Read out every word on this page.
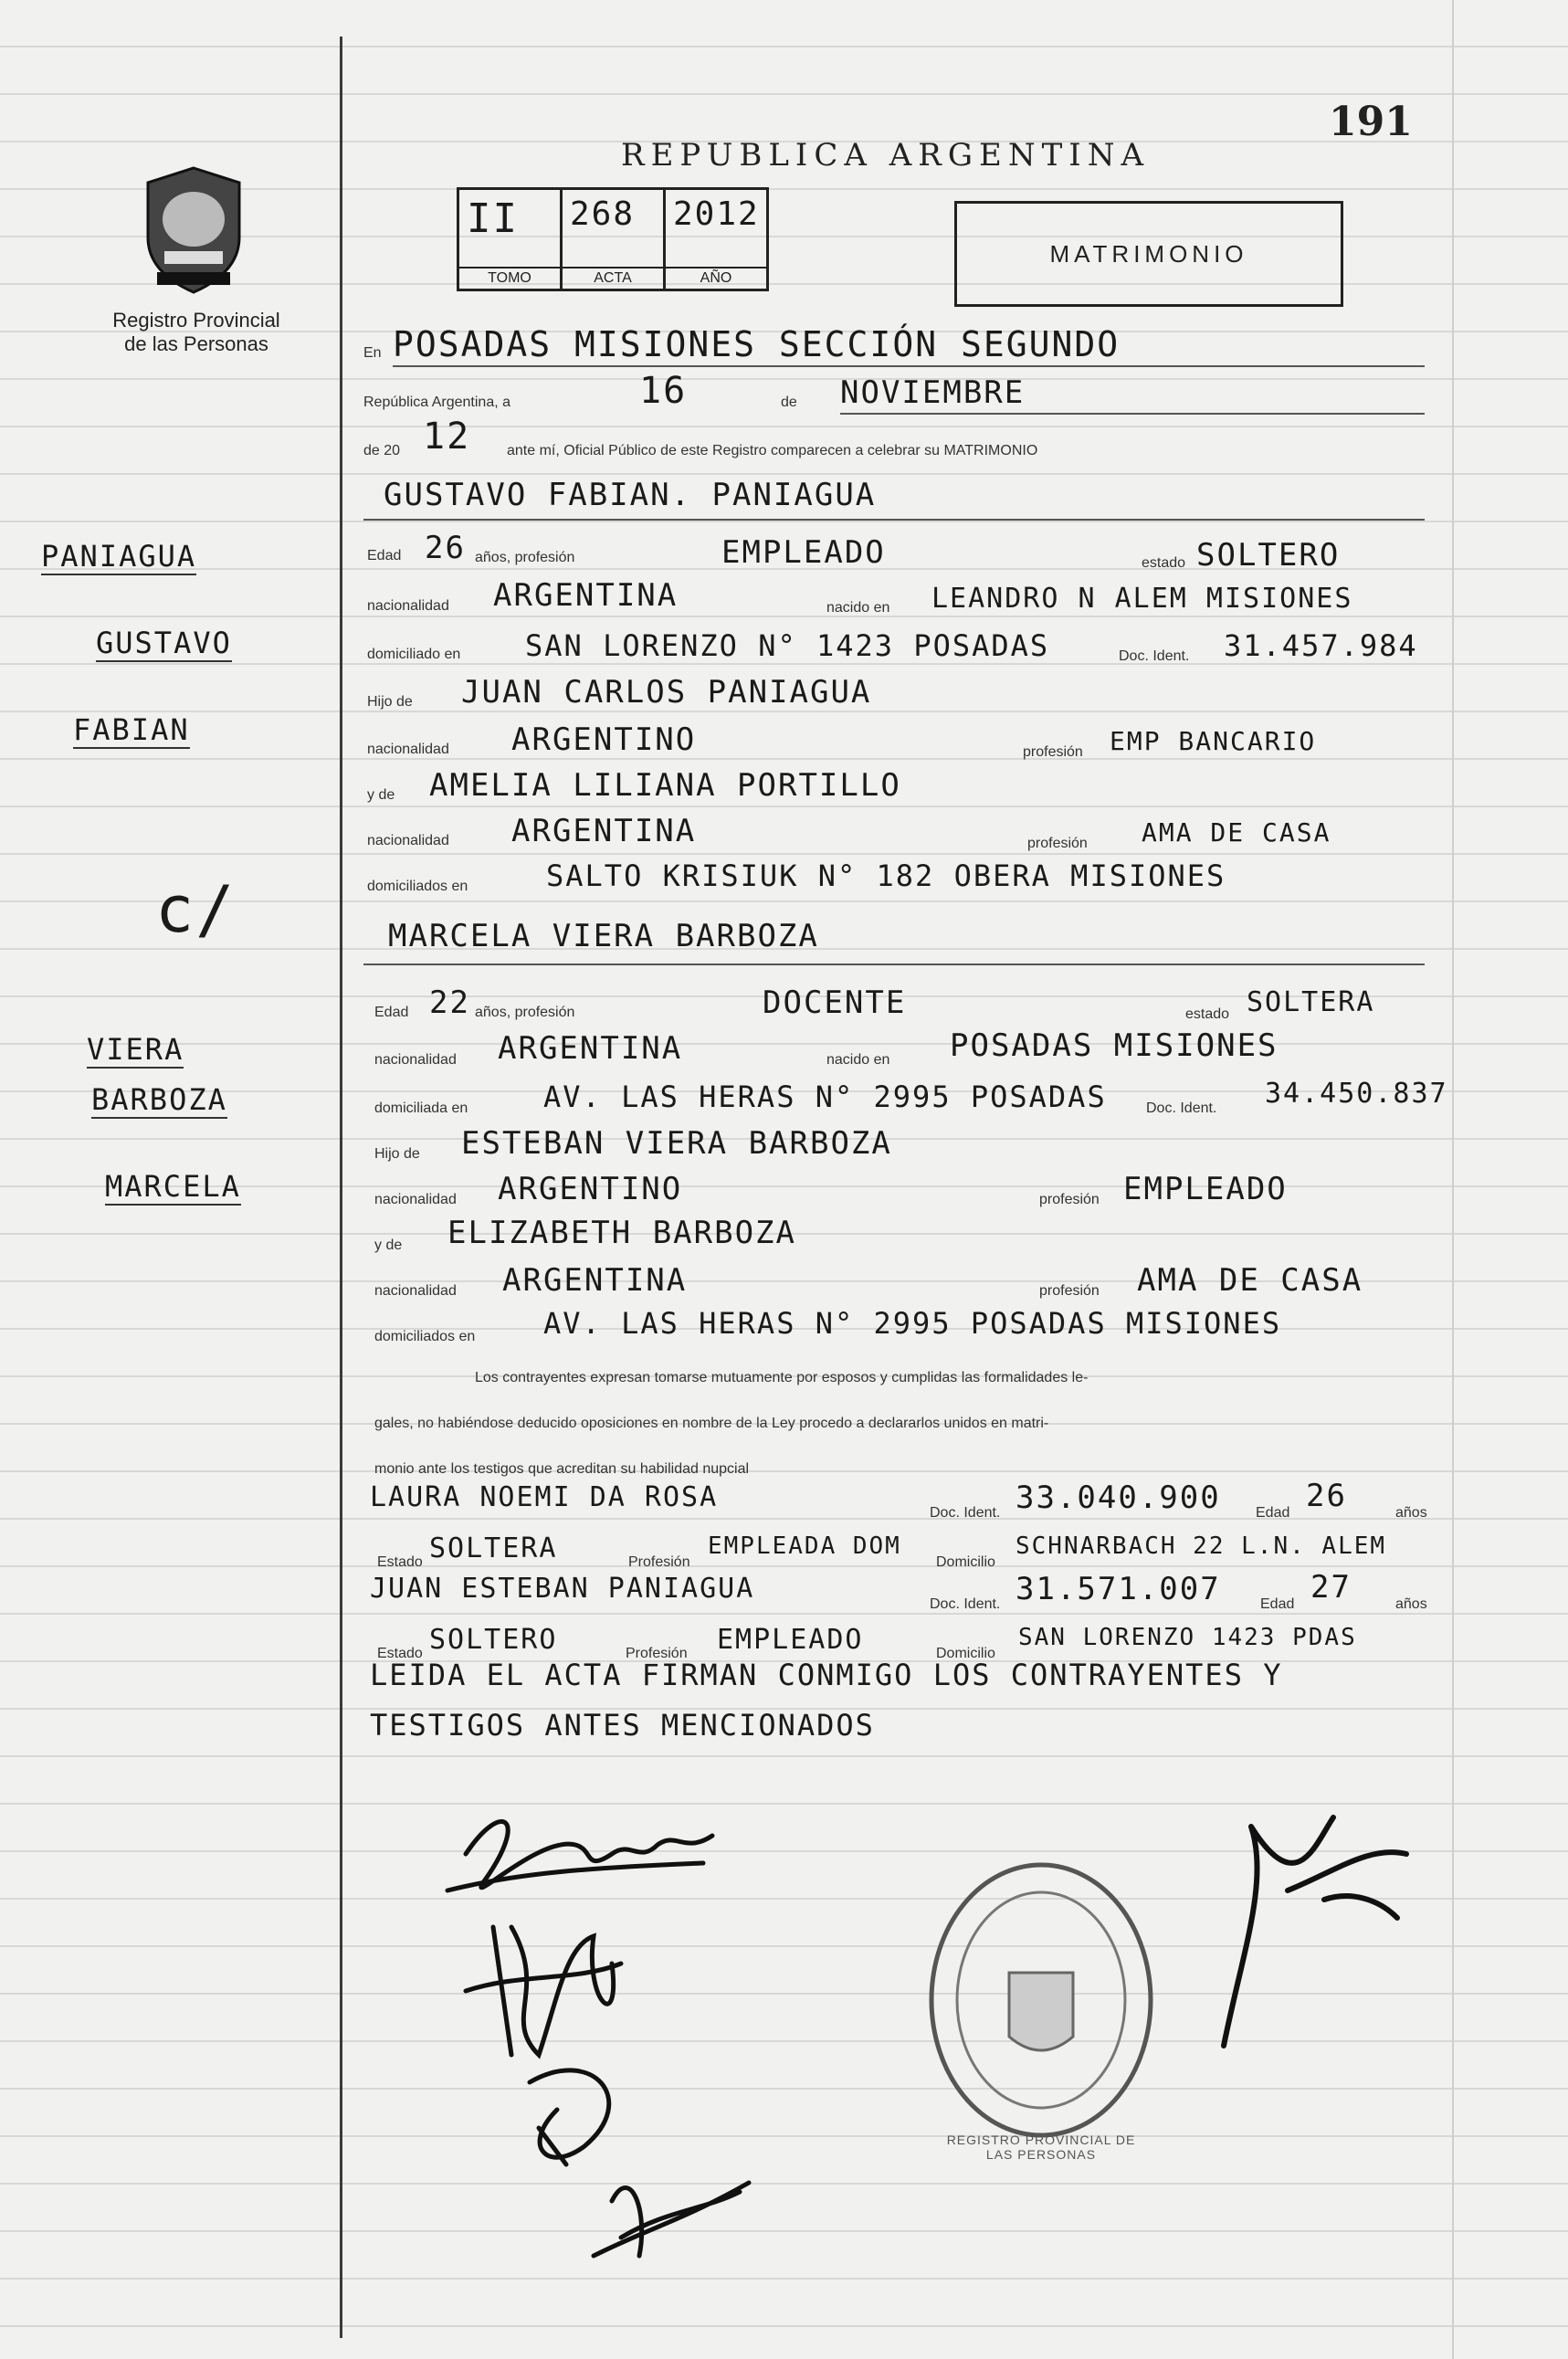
Registro Provincial
de las Personas
191
REPUBLICA ARGENTINA
II
TOMO
268
ACTA
2012
AÑO
MATRIMONIO
PANIAGUA
GUSTAVO
FABIAN
c/
VIERA
BARBOZA
MARCELA
En POSADAS MISIONES SECCIÓN SEGUNDO
República Argentina, a	16	de NOVIEMBRE
de 20 12 ante mí, Oficial Público de este Registro comparecen a celebrar su MATRIMONIO
GUSTAVO FABIAN. PANIAGUA
Edad 26 años, profesión	EMPLEADO	estado SOLTERO
nacionalidad ARGENTINA	nacido en LEANDRO N ALEM MISIONES
domiciliado en SAN LORENZO N° 1423 POSADAS	Doc. Ident. 31.457.984
Hijo de JUAN CARLOS PANIAGUA
nacionalidad ARGENTINO	profesión EMP BANCARIO
y de AMELIA LILIANA PORTILLO
nacionalidad ARGENTINA	profesión AMA DE CASA
domiciliados en	SALTO KRISIUK N° 182 OBERA MISIONES
MARCELA VIERA BARBOZA
Edad 22 años, profesión	DOCENTE	estado SOLTERA
nacionalidad ARGENTINA	nacido en POSADAS MISIONES
domiciliada en	AV. LAS HERAS N° 2995 POSADAS	Doc. Ident. 34.450.837
Hijo de ESTEBAN VIERA BARBOZA
nacionalidad ARGENTINO	profesión EMPLEADO
y de ELIZABETH BARBOZA
nacionalidad ARGENTINA	profesión AMA DE CASA
domiciliados en AV. LAS HERAS N° 2995 POSADAS MISIONES
Los contrayentes expresan tomarse mutuamente por esposos y cumplidas las formalidades le-
gales, no habiéndose deducido oposiciones en nombre de la Ley procedo a declararlos unidos en matri-
monio ante los testigos que acreditan su habilidad nupcial
LAURA NOEMI DA ROSA	Doc. Ident. 33.040.900 Edad 26	años
Estado SOLTERA	Profesión
EMPLEADA DOM
Domicilio
SCHNARBACH 22 L.N. ALEM
JUAN ESTEBAN PANIAGUA	Doc. Ident. 31.571.007	Edad 27	años
Estado SOLTERO	Profesión EMPLEADO	Domicilio
SAN LORENZO 1423 PDAS
LEIDA EL ACTA FIRMAN CONMIGO LOS CONTRAYENTES Y
TESTIGOS ANTES MENCIONADOS
REGISTRO PROVINCIAL DE LAS PERSONAS
